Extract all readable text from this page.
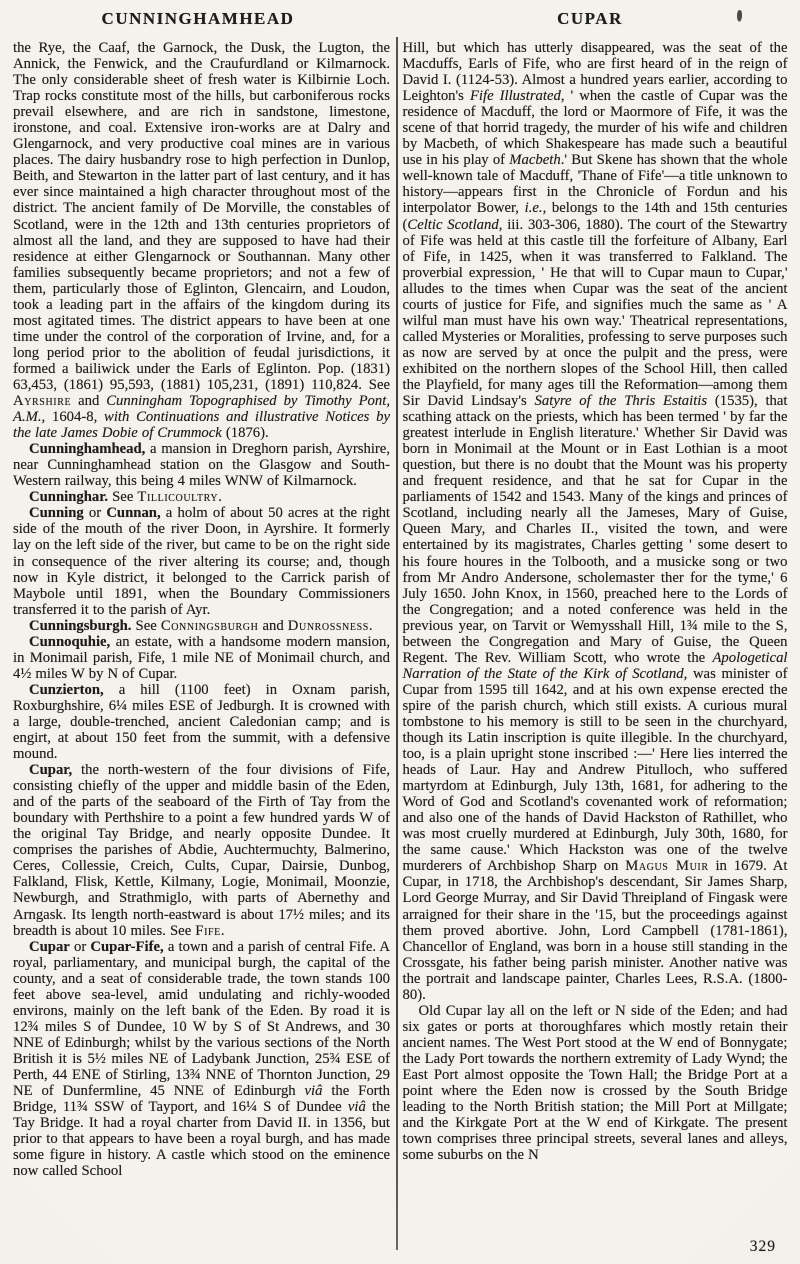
CUNNINGHAMHEAD	CUPAR

the Rye, the Caaf, the Garnock, the Dusk, the Lugton, the Annick, the Fenwick, and the Craufurdland or Kilmarnock. The only considerable sheet of fresh water is Kilbirnie Loch. Trap rocks constitute most of the hills, but carboniferous rocks prevail elsewhere, and are rich in sandstone, limestone, ironstone, and coal. Extensive iron-works are at Dalry and Glengarnock, and very productive coal mines are in various places. The dairy husbandry rose to high perfection in Dunlop, Beith, and Stewarton in the latter part of last century, and it has ever since maintained a high character throughout most of the district. The ancient family of De Morville, the constables of Scotland, were in the 12th and 13th centuries proprietors of almost all the land, and they are supposed to have had their residence at either Glengarnock or Southannan. Many other families subsequently became proprietors; and not a few of them, particularly those of Eglinton, Glencairn, and Loudon, took a leading part in the affairs of the kingdom during its most agitated times. The district appears to have been at one time under the control of the corporation of Irvine, and, for a long period prior to the abolition of feudal jurisdictions, it formed a bailiwick under the Earls of Eglinton. Pop. (1831) 63,453, (1861) 95,593, (1881) 105,231, (1891) 110,824. See Ayrshire and Cunningham Topographised by Timothy Pont, A.M., 1604-8, with Continuations and illustrative Notices by the late James Dobie of Crummock (1876).

Cunninghamhead, a mansion in Dreghorn parish, Ayrshire, near Cunninghamhead station on the Glasgow and South-Western railway, this being 4 miles WNW of Kilmarnock.

Cunninghar. See Tillicoultry.

Cunning or Cunnan, a holm of about 50 acres at the right side of the mouth of the river Doon, in Ayrshire. It formerly lay on the left side of the river, but came to be on the right side in consequence of the river altering its course; and, though now in Kyle district, it belonged to the Carrick parish of Maybole until 1891, when the Boundary Commissioners transferred it to the parish of Ayr.

Cunningsburgh. See Conningsburgh and Dunrossness.

Cunnoquhie, an estate, with a handsome modern mansion, in Monimail parish, Fife, 1 mile NE of Monimail church, and 4½ miles W by N of Cupar.

Cunzierton, a hill (1100 feet) in Oxnam parish, Roxburghshire, 6¼ miles ESE of Jedburgh. It is crowned with a large, double-trenched, ancient Caledonian camp; and is engirt, at about 150 feet from the summit, with a defensive mound.

Cupar, the north-western of the four divisions of Fife, consisting chiefly of the upper and middle basin of the Eden, and of the parts of the seaboard of the Firth of Tay from the boundary with Perthshire to a point a few hundred yards W of the original Tay Bridge, and nearly opposite Dundee. It comprises the parishes of Abdie, Auchtermuchty, Balmerino, Ceres, Collessie, Creich, Cults, Cupar, Dairsie, Dunbog, Falkland, Flisk, Kettle, Kilmany, Logie, Monimail, Moonzie, Newburgh, and Strathmiglo, with parts of Abernethy and Arngask. Its length north-eastward is about 17½ miles; and its breadth is about 10 miles. See Fife.

Cupar or Cupar-Fife, a town and a parish of central Fife. A royal, parliamentary, and municipal burgh, the capital of the county, and a seat of considerable trade, the town stands 100 feet above sea-level, amid undulating and richly-wooded environs, mainly on the left bank of the Eden. By road it is 12¾ miles S of Dundee, 10 W by S of St Andrews, and 30 NNE of Edinburgh; whilst by the various sections of the North British it is 5½ miles NE of Ladybank Junction, 25¾ ESE of Perth, 44 ENE of Stirling, 13¾ NNE of Thornton Junction, 29 NE of Dunfermline, 45 NNE of Edinburgh viâ the Forth Bridge, 11¾ SSW of Tayport, and 16¼ S of Dundee viâ the Tay Bridge. It had a royal charter from David II. in 1356, but prior to that appears to have been a royal burgh, and has made some figure in history. A castle which stood on the eminence now called School

Hill, but which has utterly disappeared, was the seat of the Macduffs, Earls of Fife, who are first heard of in the reign of David I. (1124-53). Almost a hundred years earlier, according to Leighton's Fife Illustrated, ' when the castle of Cupar was the residence of Macduff, the lord or Maormore of Fife, it was the scene of that horrid tragedy, the murder of his wife and children by Macbeth, of which Shakespeare has made such a beautiful use in his play of Macbeth.' But Skene has shown that the whole well-known tale of Macduff, 'Thane of Fife'—a title unknown to history—appears first in the Chronicle of Fordun and his interpolator Bower, i.e., belongs to the 14th and 15th centuries (Celtic Scotland, iii. 303-306, 1880). The court of the Stewartry of Fife was held at this castle till the forfeiture of Albany, Earl of Fife, in 1425, when it was transferred to Falkland. The proverbial expression, ' He that will to Cupar maun to Cupar,' alludes to the times when Cupar was the seat of the ancient courts of justice for Fife, and signifies much the same as ' A wilful man must have his own way.' Theatrical representations, called Mysteries or Moralities, professing to serve purposes such as now are served by at once the pulpit and the press, were exhibited on the northern slopes of the School Hill, then called the Playfield, for many ages till the Reformation—among them Sir David Lindsay's Satyre of the Thris Estaitis (1535), that scathing attack on the priests, which has been termed ' by far the greatest interlude in English literature.' Whether Sir David was born in Monimail at the Mount or in East Lothian is a moot question, but there is no doubt that the Mount was his property and frequent residence, and that he sat for Cupar in the parliaments of 1542 and 1543. Many of the kings and princes of Scotland, including nearly all the Jameses, Mary of Guise, Queen Mary, and Charles II., visited the town, and were entertained by its magistrates, Charles getting ' some desert to his foure houres in the Tolbooth, and a musicke song or two from Mr Andro Andersone, scholemaster ther for the tyme,' 6 July 1650. John Knox, in 1560, preached here to the Lords of the Congregation; and a noted conference was held in the previous year, on Tarvit or Wemysshall Hill, 1¾ mile to the S, between the Congregation and Mary of Guise, the Queen Regent. The Rev. William Scott, who wrote the Apologetical Narration of the State of the Kirk of Scotland, was minister of Cupar from 1595 till 1642, and at his own expense erected the spire of the parish church, which still exists. A curious mural tombstone to his memory is still to be seen in the churchyard, though its Latin inscription is quite illegible. In the churchyard, too, is a plain upright stone inscribed :—' Here lies interred the heads of Laur. Hay and Andrew Pitulloch, who suffered martyrdom at Edinburgh, July 13th, 1681, for adhering to the Word of God and Scotland's covenanted work of reformation; and also one of the hands of David Hackston of Rathillet, who was most cruelly murdered at Edinburgh, July 30th, 1680, for the same cause.' Which Hackston was one of the twelve murderers of Archbishop Sharp on Magus Muir in 1679. At Cupar, in 1718, the Archbishop's descendant, Sir James Sharp, Lord George Murray, and Sir David Threipland of Fingask were arraigned for their share in the '15, but the proceedings against them proved abortive. John, Lord Campbell (1781-1861), Chancellor of England, was born in a house still standing in the Crossgate, his father being parish minister. Another native was the portrait and landscape painter, Charles Lees, R.S.A. (1800-80).

Old Cupar lay all on the left or N side of the Eden; and had six gates or ports at thoroughfares which mostly retain their ancient names. The West Port stood at the W end of Bonnygate; the Lady Port towards the northern extremity of Lady Wynd; the East Port almost opposite the Town Hall; the Bridge Port at a point where the Eden now is crossed by the South Bridge leading to the North British station; the Mill Port at Millgate; and the Kirkgate Port at the W end of Kirkgate. The present town comprises three principal streets, several lanes and alleys, some suburbs on the N

329
